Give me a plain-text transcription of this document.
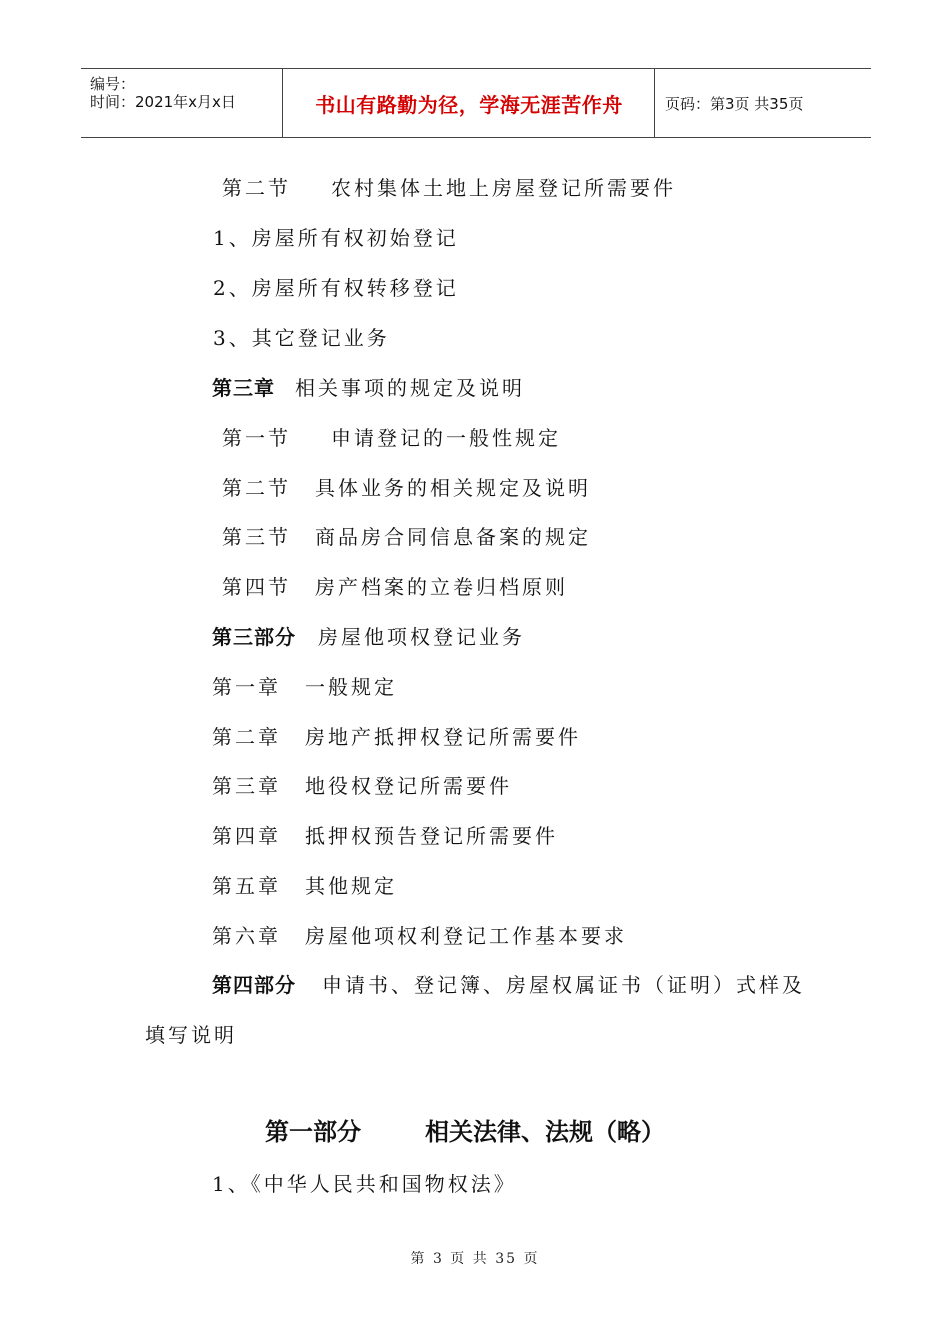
编号：
时间：2021年x月x日	书山有路勤为径，学海无涯苦作舟	页码：第3页 共35页
第二节 农村集体土地上房屋登记所需要件
1、房屋所有权初始登记
2、房屋所有权转移登记
3、其它登记业务
第三章 相关事项的规定及说明
第一节 申请登记的一般性规定
第二节 具体业务的相关规定及说明
第三节 商品房合同信息备案的规定
第四节 房产档案的立卷归档原则
第三部分 房屋他项权登记业务
第一章 一般规定
第二章 房地产抵押权登记所需要件
第三章 地役权登记所需要件
第四章 抵押权预告登记所需要件
第五章 其他规定
第六章 房屋他项权利登记工作基本要求
第四部分 申请书、登记簿、房屋权属证书（证明）式样及
填写说明
第一部分	相关法律、法规（略）
1、《中华人民共和国物权法》
第 3 页 共 35 页
